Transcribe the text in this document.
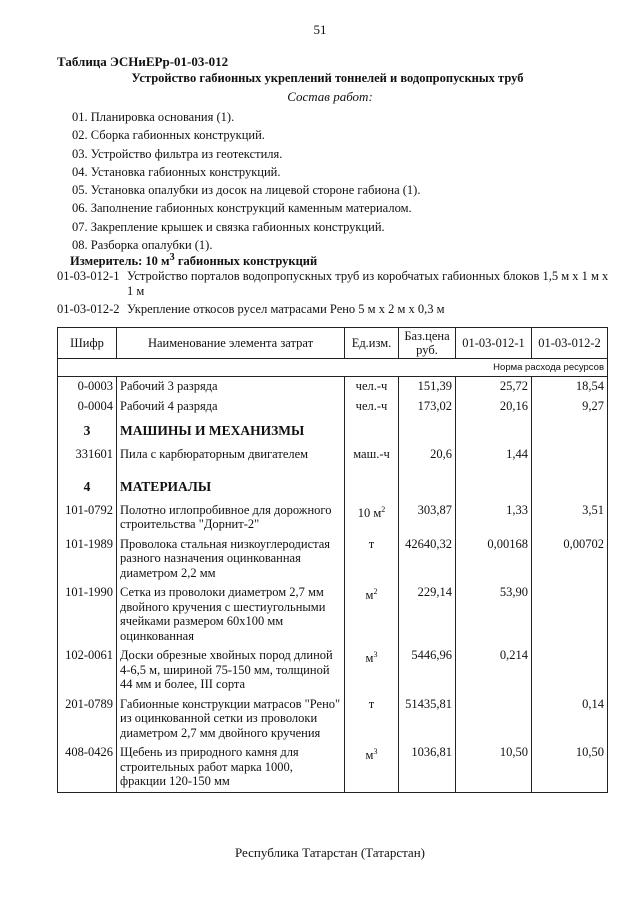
51
Таблица ЭСНиЕРр-01-03-012
Устройство габионных укреплений тоннелей и водопропускных труб
Состав работ:
01. Планировка основания (1).
02. Сборка габионных конструкций.
03. Устройство фильтра из геотекстиля.
04. Установка габионных конструкций.
05. Установка опалубки из досок на лицевой стороне габиона (1).
06. Заполнение габионных конструкций каменным материалом.
07. Закрепление крышек и связка габионных конструкций.
08. Разборка опалубки (1).
Измеритель: 10 $м^3$ габионных конструкций
01-03-012-1 Устройство порталов водопропускных труб из коробчатых габионных блоков 1,5 м х 1 м х 1 м
01-03-012-2 Укрепление откосов русел матрасами Рено 5 м х 2 м х 0,3 м
Шифр	Наименование элемента затрат	Ед.изм.	Баз.цена руб.	01-03-012-1	01-03-012-2
Норма расхода ресурсов					
0-0003	Рабочий 3 разряда	чел.-ч	151,39	25,72	18,54
0-0004	Рабочий 4 разряда	чел.-ч	173,02	20,16	9,27
3	МАШИНЫ И МЕХАНИЗМЫ				
331601	Пила с карбюраторным двигателем	маш.-ч	20,6	1,44	

4	МАТЕРИАЛЫ				
101-0792	Полотно иглопробивное для дорожного строительства "Дорнит-2"	10 $м^2$	303,87	1,33	3,51
101-1989	Проволока стальная низкоуглеродистая разного назначения оцинкованная диаметром 2,2 мм	т	42640,32	0,00168	0,00702
101-1990	Сетка из проволоки диаметром 2,7 мм двойного кручения с шестиугольными ячейками размером 60х100 мм оцинкованная	$м^2$	229,14	53,90	
102-0061	Доски обрезные хвойных пород длиной 4-6,5 м, шириной 75-150 мм, толщиной 44 мм и более, III сорта	$м^3$	5446,96	0,214	
201-0789	Габионные конструкции матрасов "Рено" из оцинкованной сетки из проволоки диаметром 2,7 мм двойного кручения	т	51435,81		0,14
408-0426	Щебень из природного камня для строительных работ марка 1000, фракции 120-150 мм	$м^3$	1036,81	10,50	10,50
Республика Татарстан (Татарстан)
